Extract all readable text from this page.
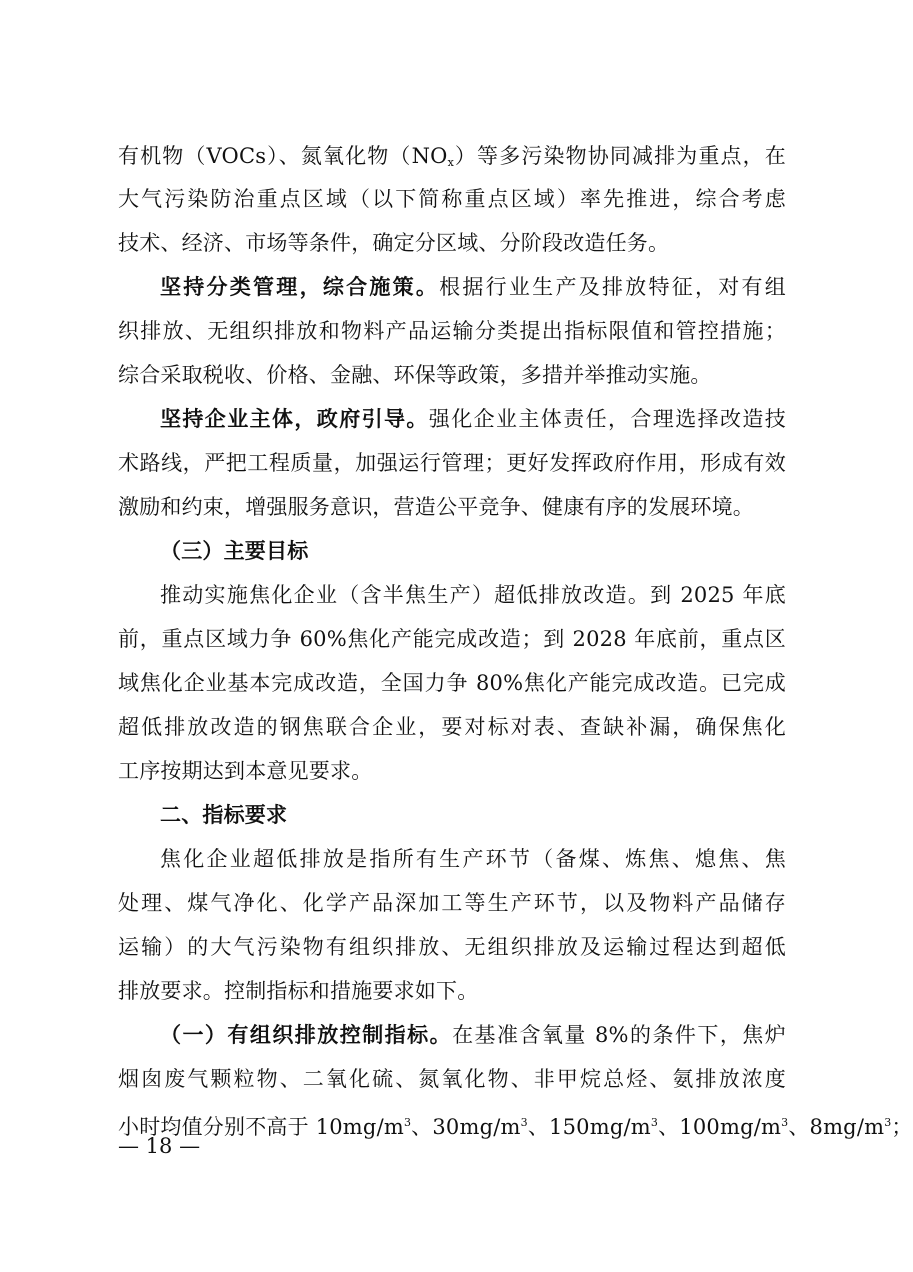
有机物（VOCs）、氮氧化物$(NO_x)$等多污染物协同减排为重点，在
大气污染防治重点区域（以下简称重点区域）率先推进，综合考虑
技术、经济、市场等条件，确定分区域、分阶段改造任务。
坚持分类管理，综合施策。根据行业生产及排放特征，对有组
织排放、无组织排放和物料产品运输分类提出指标限值和管控措施；
综合采取税收、价格、金融、环保等政策，多措并举推动实施。
坚持企业主体，政府引导。强化企业主体责任，合理选择改造技
术路线，严把工程质量，加强运行管理；更好发挥政府作用，形成有效
激励和约束，增强服务意识，营造公平竞争、健康有序的发展环境。
（三）主要目标
推动实施焦化企业（含半焦生产）超低排放改造。到 2025 年底
前，重点区域力争 60%焦化产能完成改造；到 2028 年底前，重点区
域焦化企业基本完成改造，全国力争 80%焦化产能完成改造。已完成
超低排放改造的钢焦联合企业，要对标对表、查缺补漏，确保焦化
工序按期达到本意见要求。
二、指标要求
焦化企业超低排放是指所有生产环节（备煤、炼焦、熄焦、焦
处理、煤气净化、化学产品深加工等生产环节，以及物料产品储存
运输）的大气污染物有组织排放、无组织排放及运输过程达到超低
排放要求。控制指标和措施要求如下。
（一）有组织排放控制指标。在基准含氧量 8%的条件下，焦炉
烟囱废气颗粒物、二氧化硫、氮氧化物、非甲烷总烃、氨排放浓度
小时均值分别不高于 $10mg/m^3$、$30mg/m^3$、$150mg/m^3$、$100mg/m^3$、$8mg/m^3$；
— 18 —
